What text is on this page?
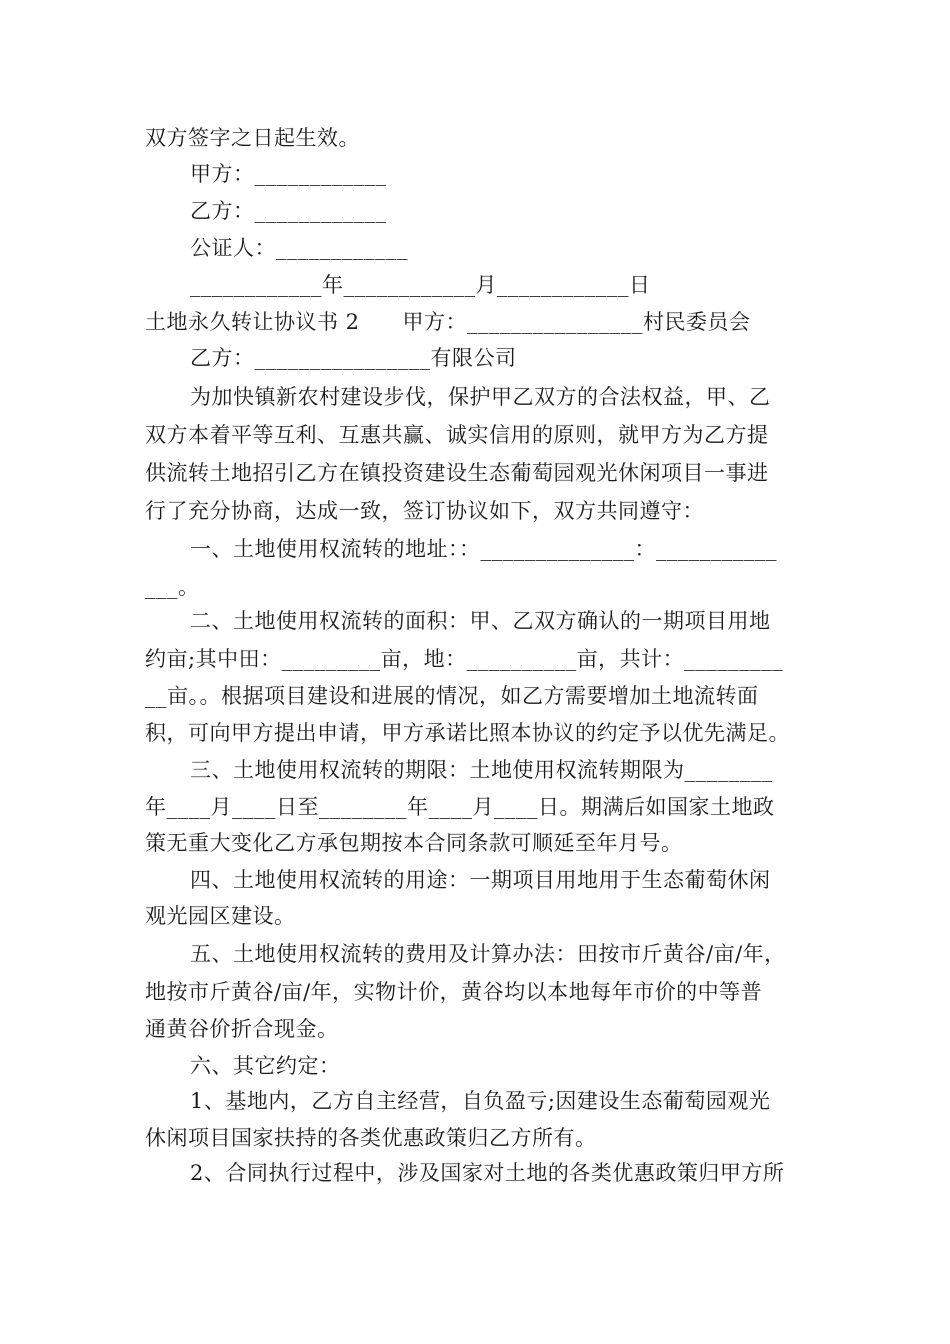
双方签字之日起生效。
甲方：____________
乙方：____________
公证人：____________
____________年____________月____________日
土地永久转让协议书 2　　甲方：________________村民委员会
乙方：________________有限公司
为加快镇新农村建设步伐，保护甲乙双方的合法权益，甲、乙
双方本着平等互利、互惠共赢、诚实信用的原则，就甲方为乙方提
供流转土地招引乙方在镇投资建设生态葡萄园观光休闲项目一事进
行了充分协商，达成一致，签订协议如下，双方共同遵守：
一、土地使用权流转的地址：：______________：___________
___。
二、土地使用权流转的面积：甲、乙双方确认的一期项目用地
约亩;其中田：_________亩，地：__________亩，共计：_________
__亩。。根据项目建设和进展的情况，如乙方需要增加土地流转面
积，可向甲方提出申请，甲方承诺比照本协议的约定予以优先满足。
三、土地使用权流转的期限：土地使用权流转期限为________
年____月____日至________年____月____日。期满后如国家土地政
策无重大变化乙方承包期按本合同条款可顺延至年月号。
四、土地使用权流转的用途：一期项目用地用于生态葡萄休闲
观光园区建设。
五、土地使用权流转的费用及计算办法：田按市斤黄谷/亩/年，
地按市斤黄谷/亩/年，实物计价，黄谷均以本地每年市价的中等普
通黄谷价折合现金。
六、其它约定：
1、基地内，乙方自主经营，自负盈亏;因建设生态葡萄园观光
休闲项目国家扶持的各类优惠政策归乙方所有。
2、合同执行过程中，涉及国家对土地的各类优惠政策归甲方所
